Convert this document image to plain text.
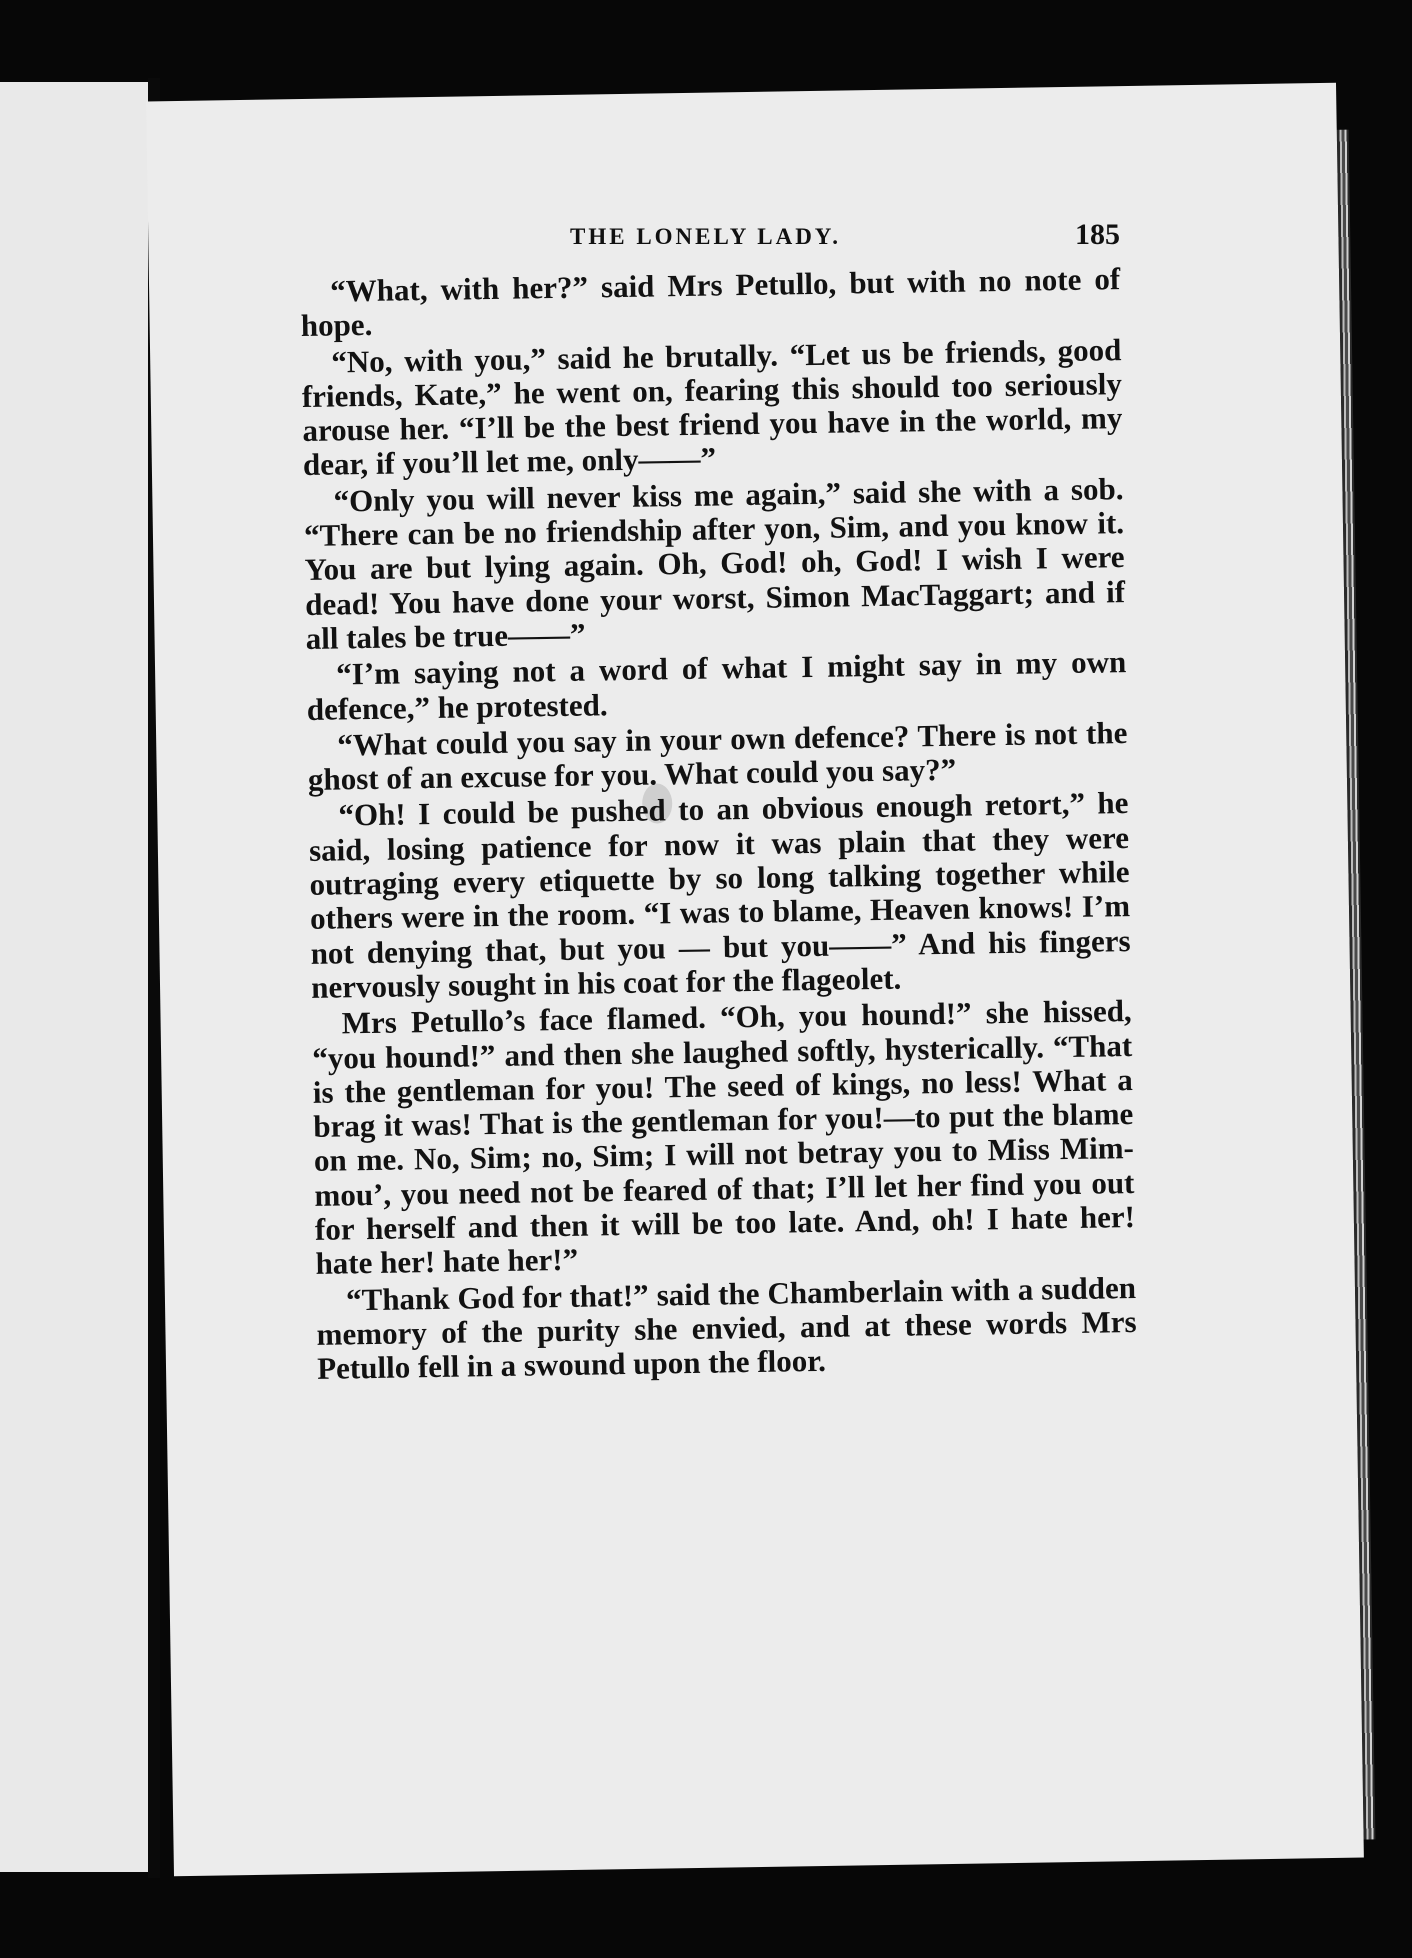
THE LONELY LADY.	185

“What, with her?” said Mrs Petullo, but with no note of hope.

“No, with you,” said he brutally. “Let us be friends, good friends, Kate,” he went on, fearing this should too seriously arouse her. “I’ll be the best friend you have in the world, my dear, if you’ll let me, only——”

“Only you will never kiss me again,” said she with a sob. “There can be no friendship after yon, Sim, and you know it. You are but lying again. Oh, God! oh, God! I wish I were dead! You have done your worst, Simon MacTaggart; and if all tales be true——”

“I’m saying not a word of what I might say in my own defence,” he protested.

“What could you say in your own defence? There is not the ghost of an excuse for you. What could you say?”

“Oh! I could be pushed to an obvious enough retort,” he said, losing patience for now it was plain that they were outraging every etiquette by so long talking together while others were in the room. “I was to blame, Heaven knows! I’m not denying that, but you — but you——” And his fingers nervously sought in his coat for the flageolet.

Mrs Petullo’s face flamed. “Oh, you hound!” she hissed, “you hound!” and then she laughed softly, hysterically. “That is the gentleman for you! The seed of kings, no less! What a brag it was! That is the gentleman for you!—to put the blame on me. No, Sim; no, Sim; I will not betray you to Miss Mim-mou’, you need not be feared of that; I’ll let her find you out for herself and then it will be too late. And, oh! I hate her! hate her! hate her!”

“Thank God for that!” said the Chamberlain with a sudden memory of the purity she envied, and at these words Mrs Petullo fell in a swound upon the floor.
